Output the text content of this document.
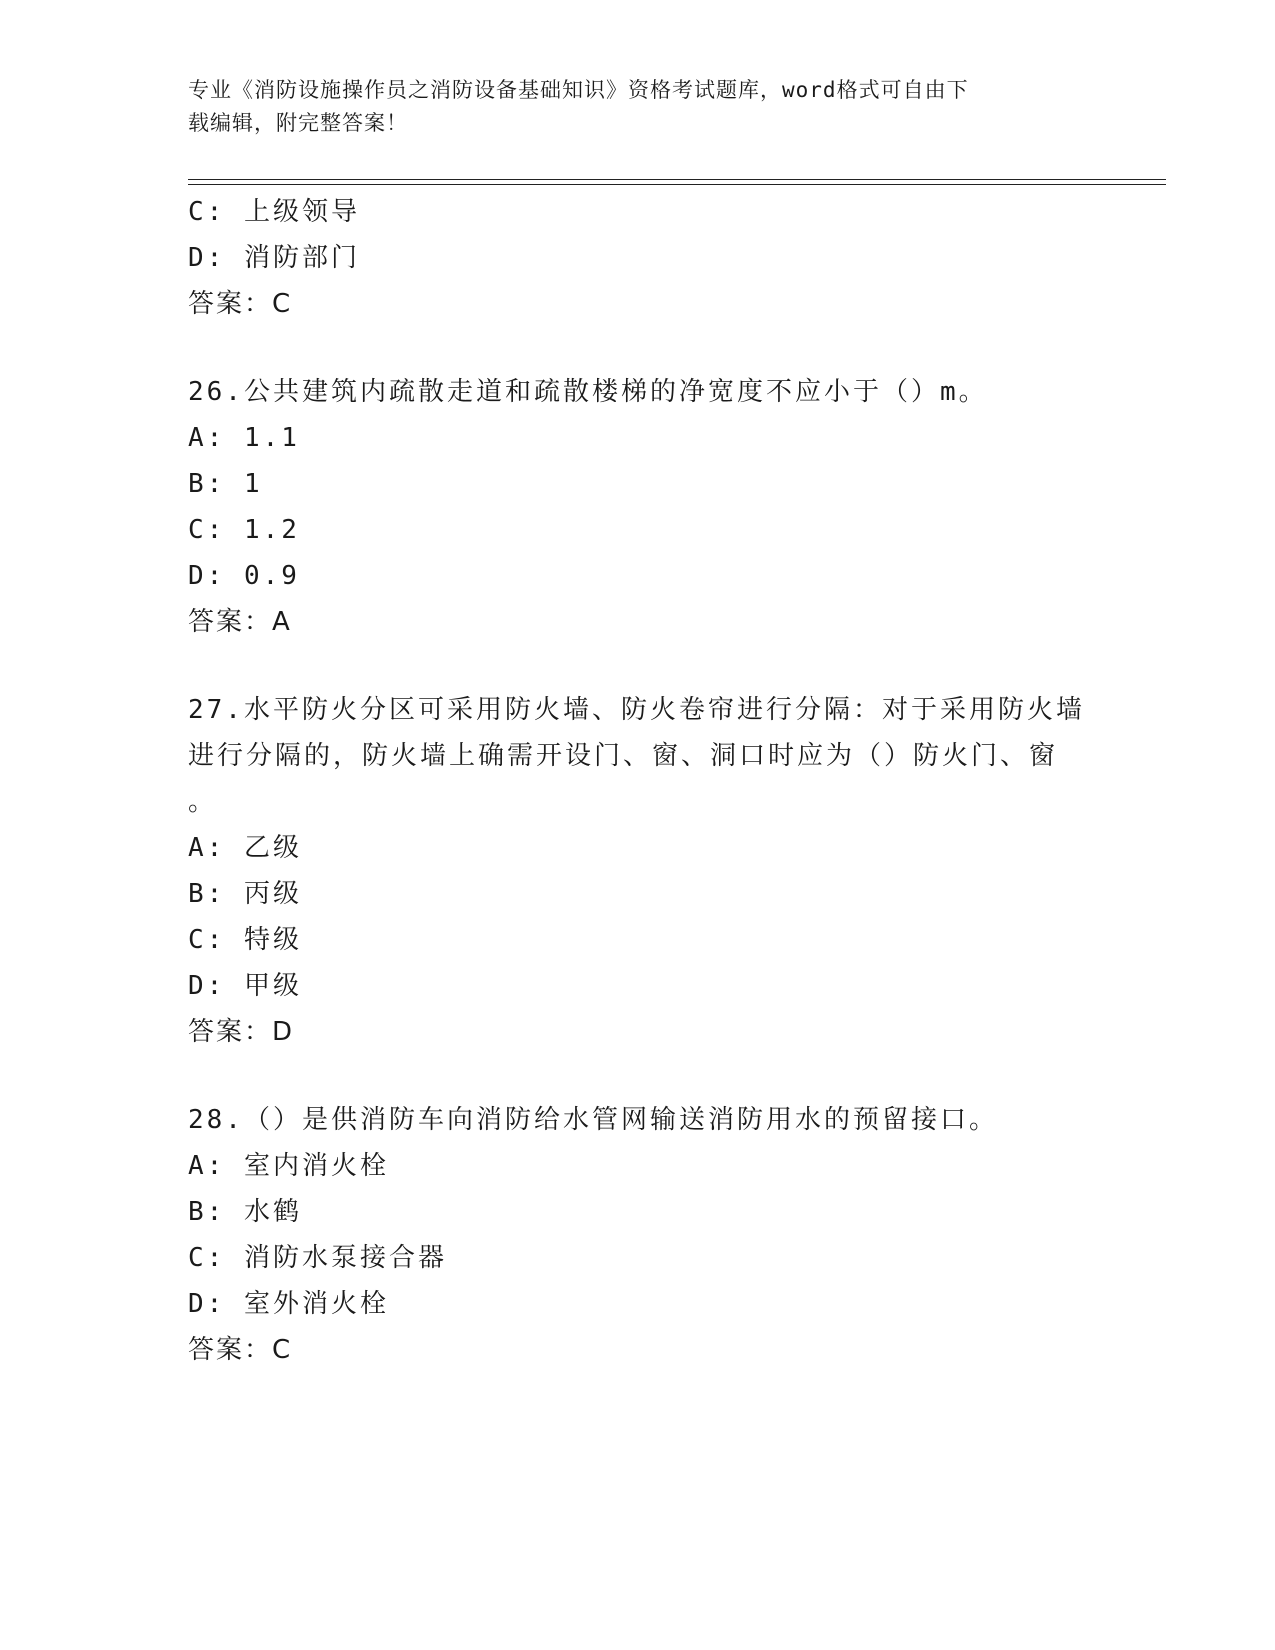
专业《消防设施操作员之消防设备基础知识》资格考试题库，word格式可自由下
载编辑，附完整答案！
C: 上级领导
D: 消防部门
答案：C
26.公共建筑内疏散走道和疏散楼梯的净宽度不应小于（）m。
A: 1.1
B: 1
C: 1.2
D: 0.9
答案：A
27.水平防火分区可采用防火墙、防火卷帘进行分隔：对于采用防火墙
进行分隔的，防火墙上确需开设门、窗、洞口时应为（）防火门、窗
。
A: 乙级
B: 丙级
C: 特级
D: 甲级
答案：D
28.（）是供消防车向消防给水管网输送消防用水的预留接口。
A: 室内消火栓
B: 水鹤
C: 消防水泵接合器
D: 室外消火栓
答案：C
